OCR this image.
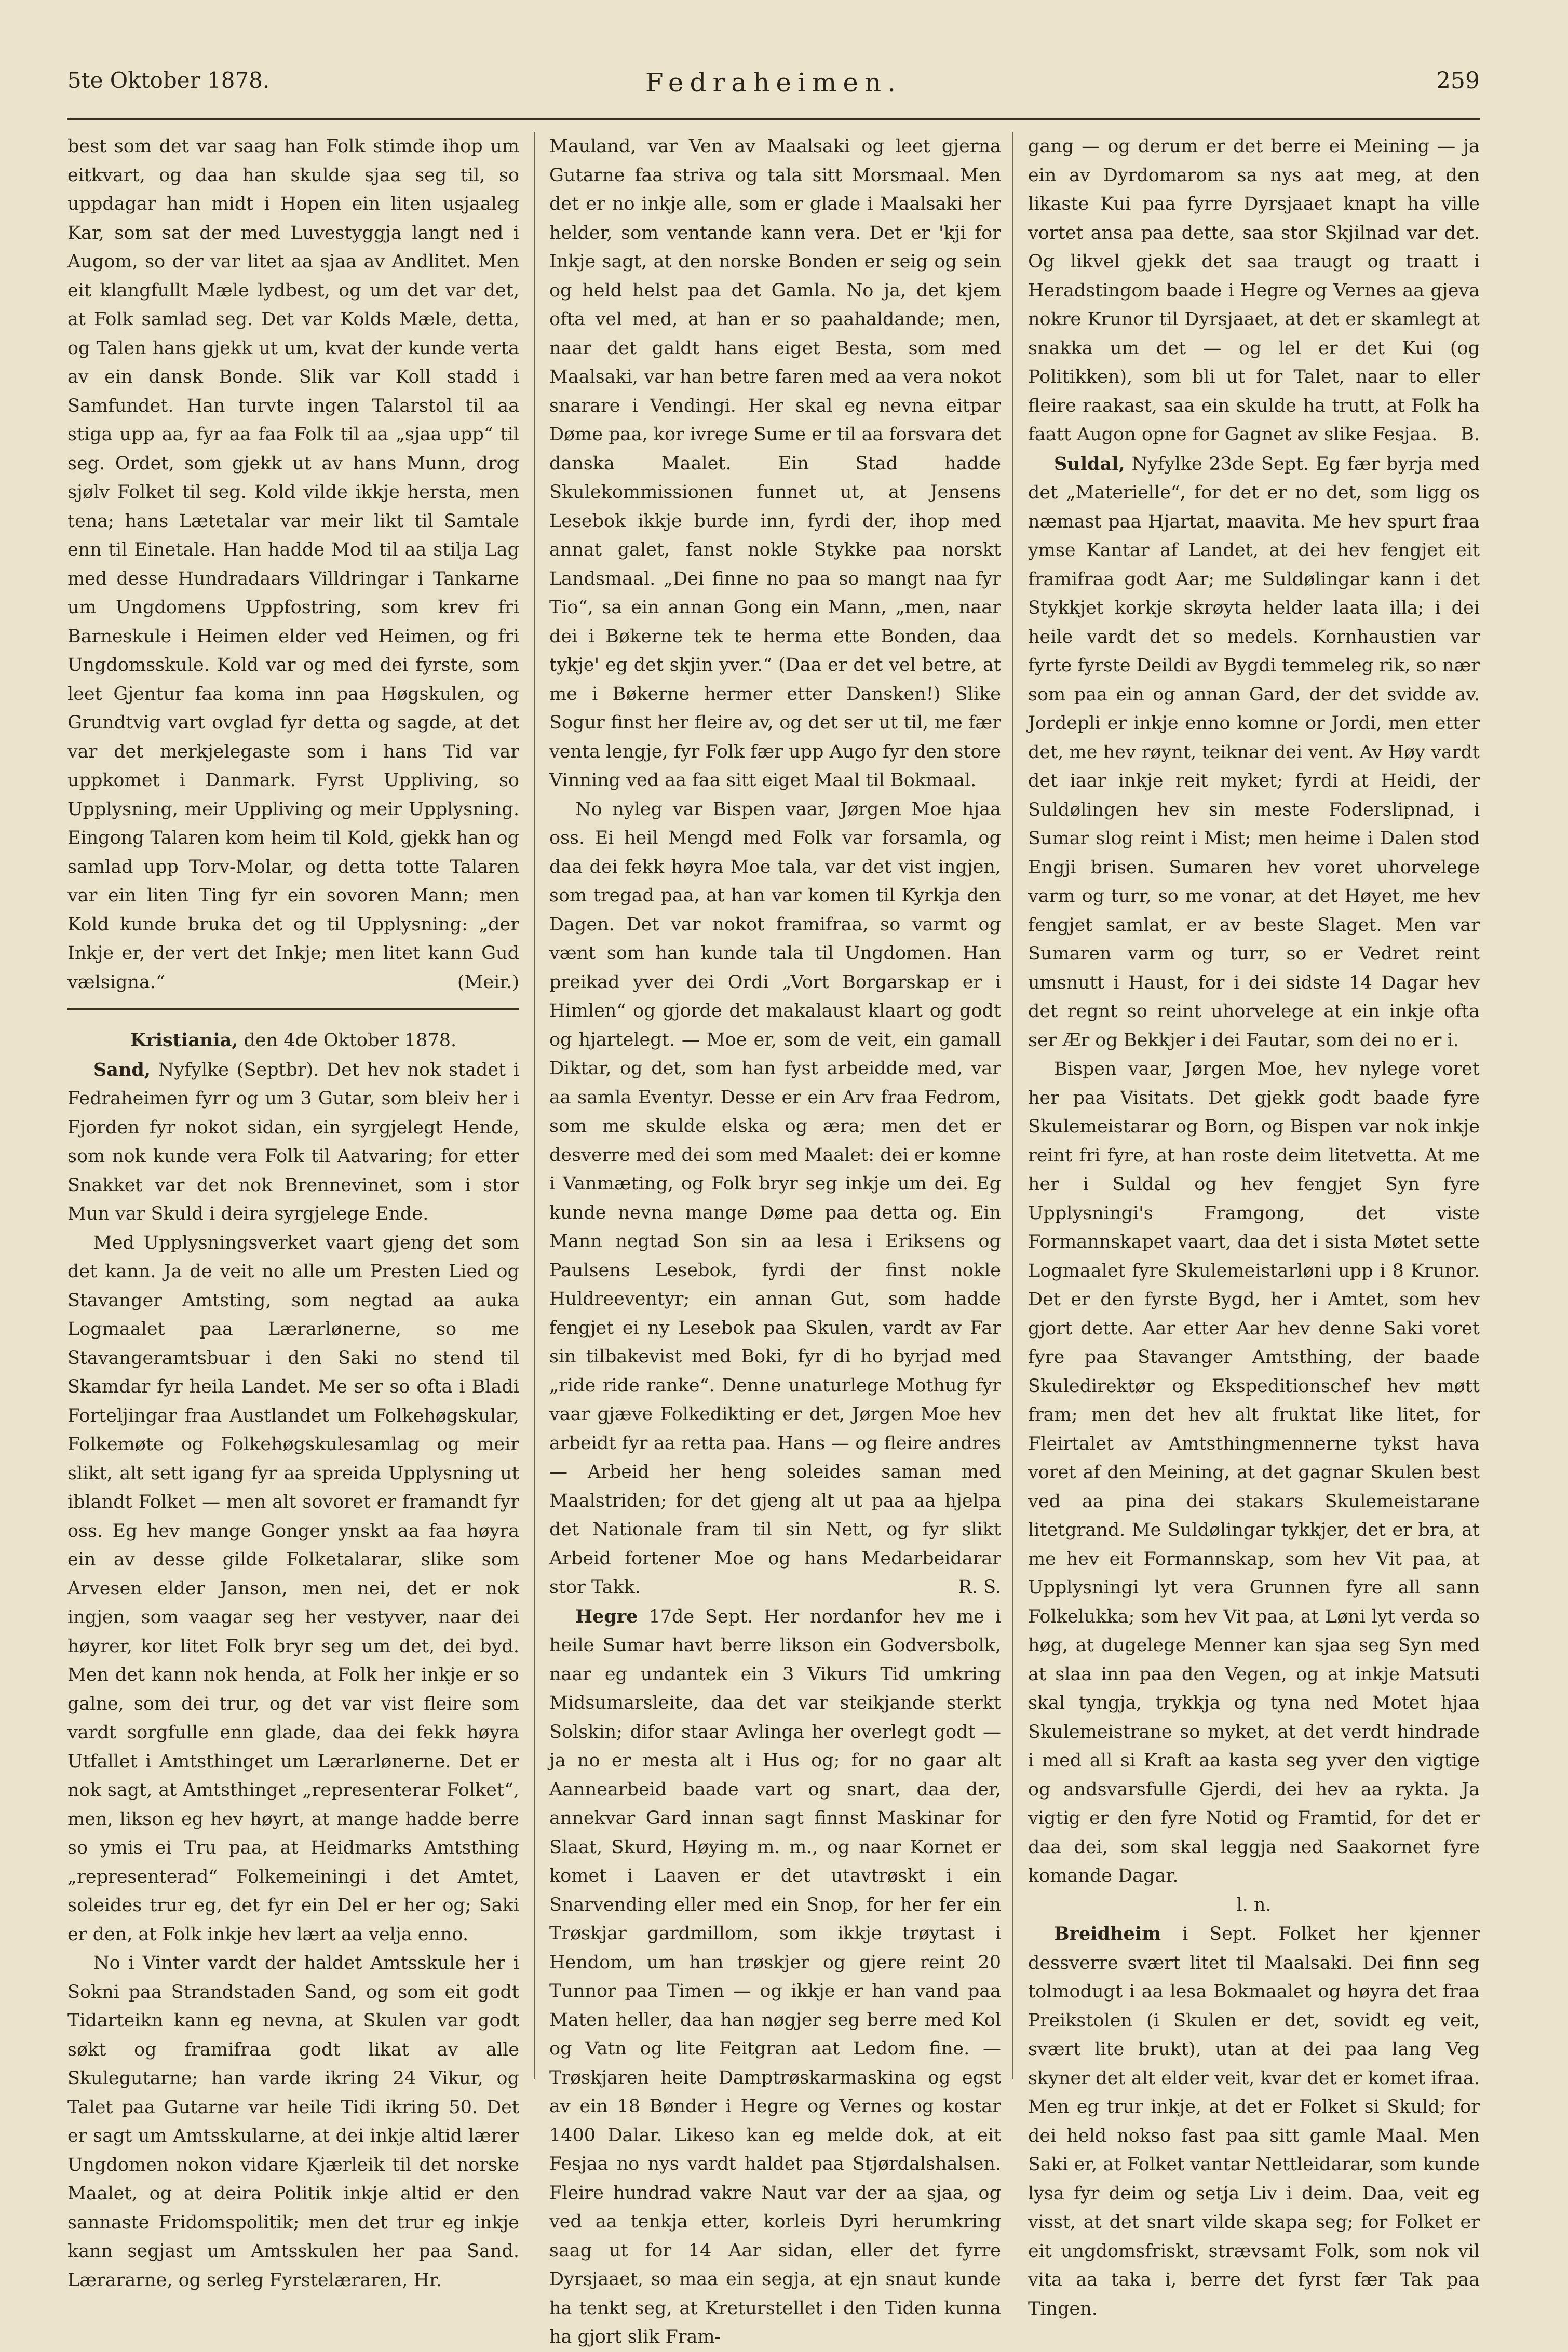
5te Oktober 1878.	Fedraheimen.	259

best som det var saag han Folk stimde ihop um eitkvart, og daa han skulde sjaa seg til, so uppdagar han midt i Hopen ein liten usjaaleg Kar, som sat der med Luvestyggja langt ned i Augom, so der var litet aa sjaa av Andlitet. Men eit klangfullt Mæle lydbest, og um det var det, at Folk samlad seg. Det var Kolds Mæle, detta, og Talen hans gjekk ut um, kvat der kunde verta av ein dansk Bonde. Slik var Koll stadd i Samfundet. Han turvte ingen Talarstol til aa stiga upp aa, fyr aa faa Folk til aa „sjaa upp“ til seg. Ordet, som gjekk ut av hans Munn, drog sjølv Folket til seg. Kold vilde ikkje hersta, men tena; hans Lætetalar var meir likt til Samtale enn til Einetale. Han hadde Mod til aa stilja Lag med desse Hundradaars Villdringar i Tankarne um Ungdomens Uppfostring, som krev fri Barneskule i Heimen elder ved Heimen, og fri Ungdomsskule. Kold var og med dei fyrste, som leet Gjentur faa koma inn paa Høgskulen, og Grundtvig vart ovglad fyr detta og sagde, at det var det merkjelegaste som i hans Tid var uppkomet i Danmark. Fyrst Uppliving, so Upplysning, meir Uppliving og meir Upplysning. Eingong Talaren kom heim til Kold, gjekk han og samlad upp Torv-Molar, og detta totte Talaren var ein liten Ting fyr ein sovoren Mann; men Kold kunde bruka det og til Upplysning: „der Inkje er, der vert det Inkje; men litet kann Gud vælsigna.“	(Meir.)

Kristiania, den 4de Oktober 1878.

Sand, Nyfylke (Septbr). Det hev nok stadet i Fedraheimen fyrr og um 3 Gutar, som bleiv her i Fjorden fyr nokot sidan, ein syrgjelegt Hende, som nok kunde vera Folk til Aatvaring; for etter Snakket var det nok Brennevinet, som i stor Mun var Skuld i deira syrgjelege Ende.

Med Upplysningsverket vaart gjeng det som det kann. Ja de veit no alle um Presten Lied og Stavanger Amtsting, som negtad aa auka Logmaalet paa Lærarlønerne, so me Stavangeramtsbuar i den Saki no stend til Skamdar fyr heila Landet. Me ser so ofta i Bladi Forteljingar fraa Austlandet um Folkehøgskular, Folkemøte og Folkehøgskulesamlag og meir slikt, alt sett igang fyr aa spreida Upplysning ut iblandt Folket — men alt sovoret er framandt fyr oss. Eg hev mange Gonger ynskt aa faa høyra ein av desse gilde Folketalarar, slike som Arvesen elder Janson, men nei, det er nok ingjen, som vaagar seg her vestyver, naar dei høyrer, kor litet Folk bryr seg um det, dei byd. Men det kann nok henda, at Folk her inkje er so galne, som dei trur, og det var vist fleire som vardt sorgfulle enn glade, daa dei fekk høyra Utfallet i Amtsthinget um Lærarlønerne. Det er nok sagt, at Amtsthinget „representerar Folket“, men, likson eg hev høyrt, at mange hadde berre so ymis ei Tru paa, at Heidmarks Amtsthing „representerad“ Folkemeiningi i det Amtet, soleides trur eg, det fyr ein Del er her og; Saki er den, at Folk inkje hev lært aa velja enno.

No i Vinter vardt der haldet Amtsskule her i Sokni paa Strandstaden Sand, og som eit godt Tidarteikn kann eg nevna, at Skulen var godt søkt og framifraa godt likat av alle Skulegutarne; han varde ikring 24 Vikur, og Talet paa Gutarne var heile Tidi ikring 50. Det er sagt um Amtsskularne, at dei inkje altid lærer Ungdomen nokon vidare Kjærleik til det norske Maalet, og at deira Politik inkje altid er den sannaste Fridomspolitik; men det trur eg inkje kann segjast um Amtsskulen her paa Sand. Lærararne, og serleg Fyrstelæraren, Hr.

Mauland, var Ven av Maalsaki og leet gjerna Gutarne faa striva og tala sitt Morsmaal. Men det er no inkje alle, som er glade i Maalsaki her helder, som ventande kann vera. Det er 'kji for Inkje sagt, at den norske Bonden er seig og sein og held helst paa det Gamla. No ja, det kjem ofta vel med, at han er so paahaldande; men, naar det galdt hans eiget Besta, som med Maalsaki, var han betre faren med aa vera nokot snarare i Vendingi. Her skal eg nevna eitpar Døme paa, kor ivrege Sume er til aa forsvara det danska Maalet. Ein Stad hadde Skulekommissionen funnet ut, at Jensens Lesebok ikkje burde inn, fyrdi der, ihop med annat galet, fanst nokle Stykke paa norskt Landsmaal. „Dei finne no paa so mangt naa fyr Tio“, sa ein annan Gong ein Mann, „men, naar dei i Bøkerne tek te herma ette Bonden, daa tykje' eg det skjin yver.“ (Daa er det vel betre, at me i Bøkerne hermer etter Dansken!) Slike Sogur finst her fleire av, og det ser ut til, me fær venta lengje, fyr Folk fær upp Augo fyr den store Vinning ved aa faa sitt eiget Maal til Bokmaal.

No nyleg var Bispen vaar, Jørgen Moe hjaa oss. Ei heil Mengd med Folk var forsamla, og daa dei fekk høyra Moe tala, var det vist ingjen, som tregad paa, at han var komen til Kyrkja den Dagen. Det var nokot framifraa, so varmt og vænt som han kunde tala til Ungdomen. Han preikad yver dei Ordi „Vort Borgarskap er i Himlen“ og gjorde det makalaust klaart og godt og hjartelegt. — Moe er, som de veit, ein gamall Diktar, og det, som han fyst arbeidde med, var aa samla Eventyr. Desse er ein Arv fraa Fedrom, som me skulde elska og æra; men det er desverre med dei som med Maalet: dei er komne i Vanmæting, og Folk bryr seg inkje um dei. Eg kunde nevna mange Døme paa detta og. Ein Mann negtad Son sin aa lesa i Eriksens og Paulsens Lesebok, fyrdi der finst nokle Huldreeventyr; ein annan Gut, som hadde fengjet ei ny Lesebok paa Skulen, vardt av Far sin tilbakevist med Boki, fyr di ho byrjad med „ride ride ranke“. Denne unaturlege Mothug fyr vaar gjæve Folkedikting er det, Jørgen Moe hev arbeidt fyr aa retta paa. Hans — og fleire andres — Arbeid her heng soleides saman med Maalstriden; for det gjeng alt ut paa aa hjelpa det Nationale fram til sin Nett, og fyr slikt Arbeid fortener Moe og hans Medarbeidarar stor Takk.	R. S.

Hegre 17de Sept. Her nordanfor hev me i heile Sumar havt berre likson ein Godversbolk, naar eg undantek ein 3 Vikurs Tid umkring Midsumarsleite, daa det var steikjande sterkt Solskin; difor staar Avlinga her overlegt godt — ja no er mesta alt i Hus og; for no gaar alt Aannearbeid baade vart og snart, daa der, annekvar Gard innan sagt finnst Maskinar for Slaat, Skurd, Høying m. m., og naar Kornet er komet i Laaven er det utavtrøskt i ein Snarvending eller med ein Snop, for her fer ein Trøskjar gardmillom, som ikkje trøytast i Hendom, um han trøskjer og gjere reint 20 Tunnor paa Timen — og ikkje er han vand paa Maten heller, daa han nøgjer seg berre med Kol og Vatn og lite Feitgran aat Ledom fine. — Trøskjaren heite Damptrøskarmaskina og egst av ein 18 Bønder i Hegre og Vernes og kostar 1400 Dalar. Likeso kan eg melde dok, at eit Fesjaa no nys vardt haldet paa Stjørdalshalsen. Fleire hundrad vakre Naut var der aa sjaa, og ved aa tenkja etter, korleis Dyri herumkring saag ut for 14 Aar sidan, eller det fyrre Dyrsjaaet, so maa ein segja, at ejn snaut kunde ha tenkt seg, at Kreturstellet i den Tiden kunna ha gjort slik Fram-

gang — og derum er det berre ei Meining — ja ein av Dyrdomarom sa nys aat meg, at den likaste Kui paa fyrre Dyrsjaaet knapt ha ville vortet ansa paa dette, saa stor Skjilnad var det. Og likvel gjekk det saa traugt og traatt i Heradstingom baade i Hegre og Vernes aa gjeva nokre Krunor til Dyrsjaaet, at det er skamlegt at snakka um det — og lel er det Kui (og Politikken), som bli ut for Talet, naar to eller fleire raakast, saa ein skulde ha trutt, at Folk ha faatt Augon opne for Gagnet av slike Fesjaa. B.

Suldal, Nyfylke 23de Sept. Eg fær byrja med det „Materielle“, for det er no det, som ligg os næmast paa Hjartat, maavita. Me hev spurt fraa ymse Kantar af Landet, at dei hev fengjet eit framifraa godt Aar; me Suldølingar kann i det Stykkjet korkje skrøyta helder laata illa; i dei heile vardt det so medels. Kornhaustien var fyrte fyrste Deildi av Bygdi temmeleg rik, so nær som paa ein og annan Gard, der det svidde av. Jordepli er inkje enno komne or Jordi, men etter det, me hev røynt, teiknar dei vent. Av Høy vardt det iaar inkje reit myket; fyrdi at Heidi, der Suldølingen hev sin meste Foderslipnad, i Sumar slog reint i Mist; men heime i Dalen stod Engji brisen. Sumaren hev voret uhorvelege varm og turr, so me vonar, at det Høyet, me hev fengjet samlat, er av beste Slaget. Men var Sumaren varm og turr, so er Vedret reint umsnutt i Haust, for i dei sidste 14 Dagar hev det regnt so reint uhorvelege at ein inkje ofta ser Ær og Bekkjer i dei Fautar, som dei no er i.

Bispen vaar, Jørgen Moe, hev nylege voret her paa Visitats. Det gjekk godt baade fyre Skulemeistarar og Born, og Bispen var nok inkje reint fri fyre, at han roste deim litetvetta. At me her i Suldal og hev fengjet Syn fyre Upplysningi's Framgong, det viste Formannskapet vaart, daa det i sista Møtet sette Logmaalet fyre Skulemeistarløni upp i 8 Krunor. Det er den fyrste Bygd, her i Amtet, som hev gjort dette. Aar etter Aar hev denne Saki voret fyre paa Stavanger Amtsthing, der baade Skuledirektør og Ekspeditionschef hev møtt fram; men det hev alt fruktat like litet, for Fleirtalet av Amtsthingmennerne tykst hava voret af den Meining, at det gagnar Skulen best ved aa pina dei stakars Skulemeistarane litetgrand. Me Suldølingar tykkjer, det er bra, at me hev eit Formannskap, som hev Vit paa, at Upplysningi lyt vera Grunnen fyre all sann Folkelukka; som hev Vit paa, at Løni lyt verda so høg, at dugelege Menner kan sjaa seg Syn med at slaa inn paa den Vegen, og at inkje Matsuti skal tyngja, trykkja og tyna ned Motet hjaa Skulemeistrane so myket, at det verdt hindrade i med all si Kraft aa kasta seg yver den vigtige og andsvarsfulle Gjerdi, dei hev aa rykta. Ja vigtig er den fyre Notid og Framtid, for det er daa dei, som skal leggja ned Saakornet fyre komande Dagar.

l. n.

Breidheim i Sept. Folket her kjenner dessverre svært litet til Maalsaki. Dei finn seg tolmodugt i aa lesa Bokmaalet og høyra det fraa Preikstolen (i Skulen er det, sovidt eg veit, svært lite brukt), utan at dei paa lang Veg skyner det alt elder veit, kvar det er komet ifraa. Men eg trur inkje, at det er Folket si Skuld; for dei held nokso fast paa sitt gamle Maal. Men Saki er, at Folket vantar Nettleidarar, som kunde lysa fyr deim og setja Liv i deim. Daa, veit eg visst, at det snart vilde skapa seg; for Folket er eit ungdomsfriskt, strævsamt Folk, som nok vil vita aa taka i, berre det fyrst fær Tak paa Tingen.
